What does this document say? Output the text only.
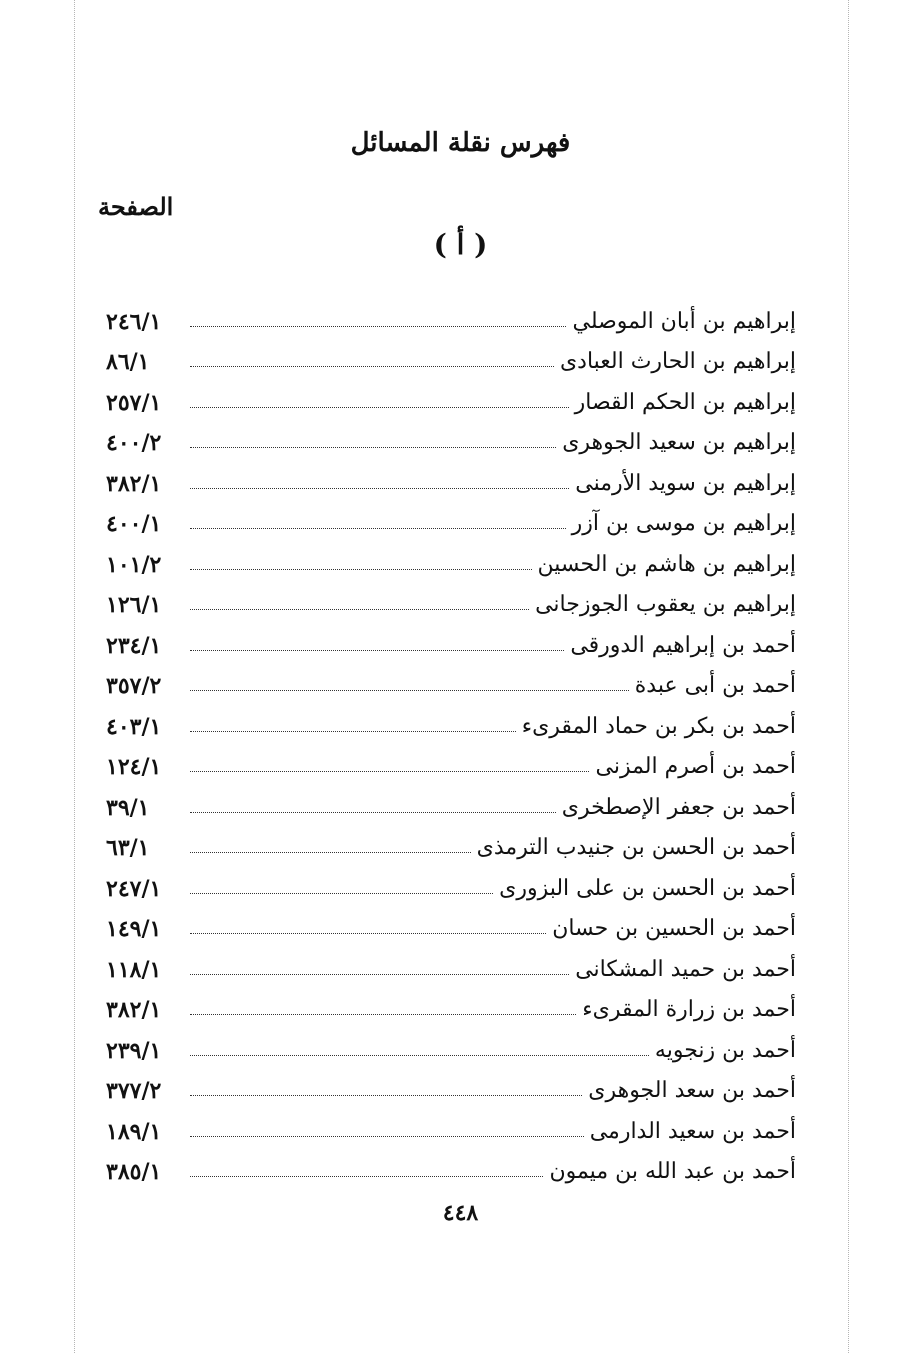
فهرس نقلة المسائل
الصفحة
( أ )
إبراهيم بن أبان الموصلي
٢٤٦/١
إبراهيم بن الحارث العبادى
٨٦/١
إبراهيم بن الحكم القصار
٢٥٧/١
إبراهيم بن سعيد الجوهرى
٤٠٠/٢
إبراهيم بن سويد الأرمنى
٣٨٢/١
إبراهيم بن موسى بن آزر
٤٠٠/١
إبراهيم بن هاشم بن الحسين
١٠١/٢
إبراهيم بن يعقوب الجوزجانى
١٢٦/١
أحمد بن إبراهيم الدورقى
٢٣٤/١
أحمد بن أبى عبدة
٣٥٧/٢
أحمد بن بكر بن حماد المقرىء
٤٠٣/١
أحمد بن أصرم المزنى
١٢٤/١
أحمد بن جعفر الإصطخرى
٣٩/١
أحمد بن الحسن بن جنيدب الترمذى
٦٣/١
أحمد بن الحسن بن على البزورى
٢٤٧/١
أحمد بن الحسين بن حسان
١٤٩/١
أحمد بن حميد المشكانى
١١٨/١
أحمد بن زرارة المقرىء
٣٨٢/١
أحمد بن زنجويه
٢٣٩/١
أحمد بن سعد الجوهرى
٣٧٧/٢
أحمد بن سعيد الدارمى
١٨٩/١
أحمد بن عبد الله بن ميمون
٣٨٥/١
٤٤٨
